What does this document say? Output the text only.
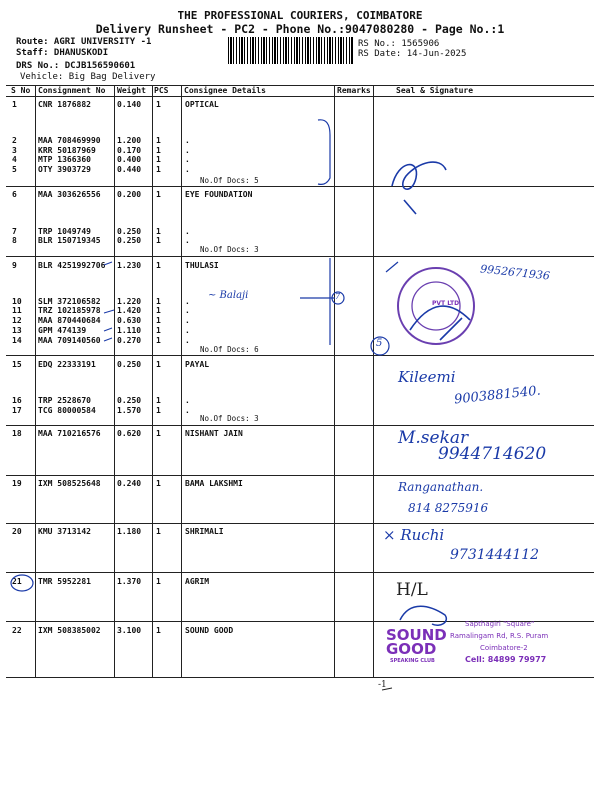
THE PROFESSIONAL COURIERS, COIMBATORE
Delivery Runsheet - PC2 - Phone No.:9047080280 - Page No.:1
Route: AGRI UNIVERSITY -1
Staff: DHANUSKODI
DRS No.: DCJB156590601
Vehicle: Big Bag Delivery
RS No.: 1565906
RS Date: 14-Jun-2025
S No Consignment No Weight PCS Consignee Details	Remarks	Seal & Signature
1	CNR 1876882	0.140 1	OPTICAL
2	MAA 708469990 1.200 1	.
3	KRR 50187969	0.170 1	.
4	MTP 1366360	0.400 1	.
5	OTY 3903729	0.440 1	.
6	MAA 303626556 0.200 1	EYE FOUNDATION
7	TRP 1049749	0.250 1	.
8	BLR 150719345 0.250 1	.
9	BLR 4251992706 1.230 1	THULASI
10 SLM 372106582 1.220 1	.
11 TRZ 102185978 1.420 1	.
12 MAA 870440684 0.630 1	.
13 GPM 474139	1.110 1	.
14 MAA 709140560 0.270 1	.
15 EDQ 22333191	0.250 1	PAYAL
16 TRP 2528670	0.250 1	.
17 TCG 80000584	1.570 1	.
18 MAA 710216576 0.620 1	NISHANT JAIN
19 IXM 508525648 0.240 1	BAMA LAKSHMI
20 KMU 3713142	1.180 1	SHRIMALI
21 TMR 5952281	1.370 1	AGRIM
22 IXM 508385002 3.100 1	SOUND GOOD
No.Of Docs: 5
No.Of Docs: 3
No.Of Docs: 6
No.Of Docs: 3
~ Balaji
9952671936
5
7
Kileemi
9003881540.
M.sekar
9944714620
Ranganathan.
814 8275916
× Ruchi
9731444112
H/L
-1
PVT LTD
SOUND GOOD
SPEAKING CLUB
Sapthagiri "Square"
Ramalingam Rd, R.S. Puram
Coimbatore-2
Cell: 84899 79977
